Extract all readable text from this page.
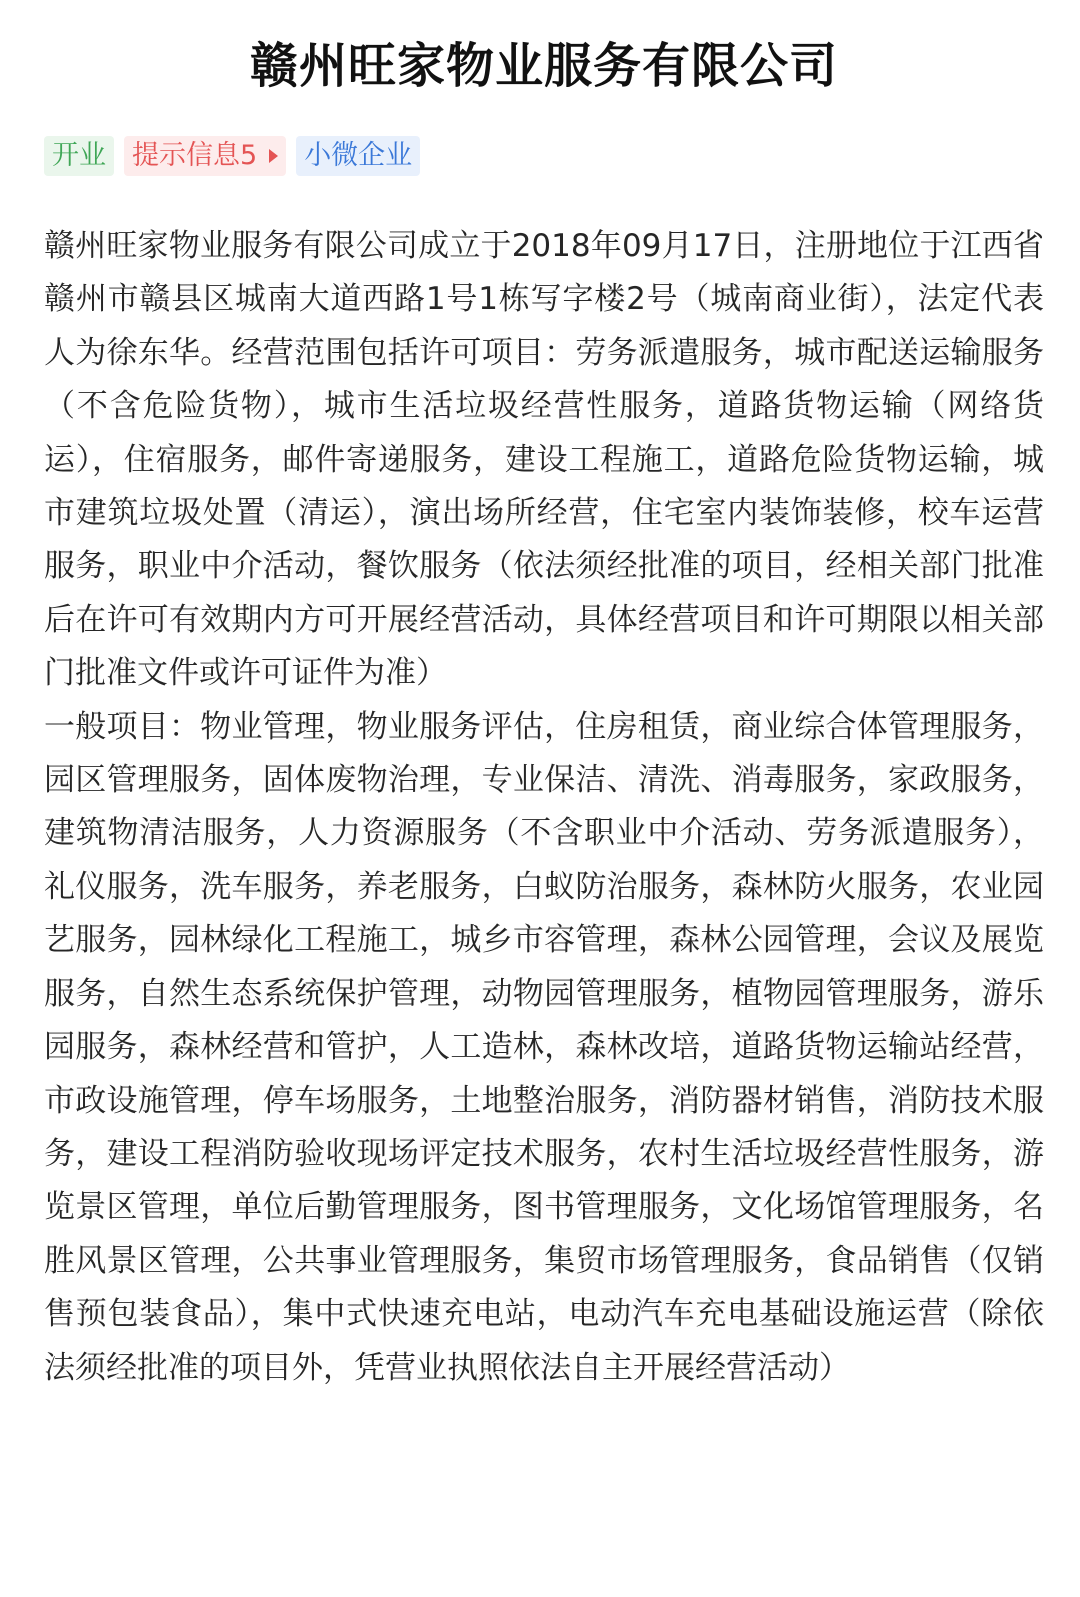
赣州旺家物业服务有限公司
开业 提示信息5 小微企业

赣州旺家物业服务有限公司成立于2018年09月17日，注册地位于江西省赣州市赣县区城南大道西路1号1栋写字楼2号（城南商业街），法定代表人为徐东华。经营范围包括许可项目：劳务派遣服务，城市配送运输服务（不含危险货物），城市生活垃圾经营性服务，道路货物运输（网络货运），住宿服务，邮件寄递服务，建设工程施工，道路危险货物运输，城市建筑垃圾处置（清运），演出场所经营，住宅室内装饰装修，校车运营服务，职业中介活动，餐饮服务（依法须经批准的项目，经相关部门批准后在许可有效期内方可开展经营活动，具体经营项目和许可期限以相关部门批准文件或许可证件为准）

一般项目：物业管理，物业服务评估，住房租赁，商业综合体管理服务，园区管理服务，固体废物治理，专业保洁、清洗、消毒服务，家政服务，建筑物清洁服务，人力资源服务（不含职业中介活动、劳务派遣服务），礼仪服务，洗车服务，养老服务，白蚁防治服务，森林防火服务，农业园艺服务，园林绿化工程施工，城乡市容管理，森林公园管理，会议及展览服务，自然生态系统保护管理，动物园管理服务，植物园管理服务，游乐园服务，森林经营和管护，人工造林，森林改培，道路货物运输站经营，市政设施管理，停车场服务，土地整治服务，消防器材销售，消防技术服务，建设工程消防验收现场评定技术服务，农村生活垃圾经营性服务，游览景区管理，单位后勤管理服务，图书管理服务，文化场馆管理服务，名胜风景区管理，公共事业管理服务，集贸市场管理服务，食品销售（仅销售预包装食品），集中式快速充电站，电动汽车充电基础设施运营（除依法须经批准的项目外，凭营业执照依法自主开展经营活动）
